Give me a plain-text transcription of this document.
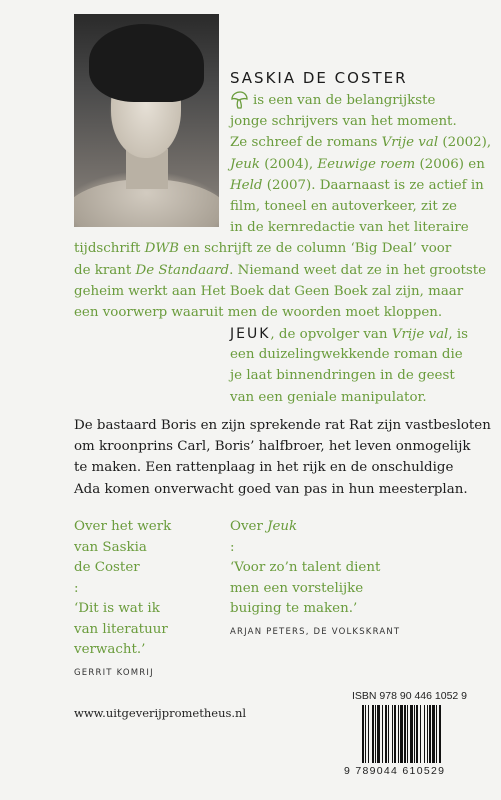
SASKIA DE COSTER
is een van de belangrijkste
jonge schrijvers van het moment.
Ze schreef de romans Vrije val (2002),
Jeuk (2004), Eeuwige roem (2006) en
Held (2007). Daarnaast is ze actief in
film, toneel en autoverkeer, zit ze
in de kernredactie van het literaire
tijdschrift DWB en schrijft ze de column ‘Big Deal’ voor
de krant De Standaard. Niemand weet dat ze in het grootste
geheim werkt aan Het Boek dat Geen Boek zal zijn, maar
een voorwerp waaruit men de woorden moet kloppen.
JEUK, de opvolger van Vrije val, is
een duizelingwekkende roman die
je laat binnendringen in de geest
van een geniale manipulator.
De bastaard Boris en zijn sprekende rat Rat zijn vastbesloten
om kroonprins Carl, Boris’ halfbroer, het leven onmogelijk
te maken. Een rattenplaag in het rijk en de onschuldige
Ada komen onverwacht goed van pas in hun meesterplan.
Over het werk
van Saskia
de Coster
:
‘Dit is wat ik
van literatuur
verwacht.’
GERRIT KOMRIJ
Over Jeuk
:
‘Voor zo’n talent dient
men een vorstelijke
buiging te maken.’
ARJAN PETERS, DE VOLKSKRANT
www.uitgeverijprometheus.nl
ISBN 978 90 446 1052 9
9 789044 610529
